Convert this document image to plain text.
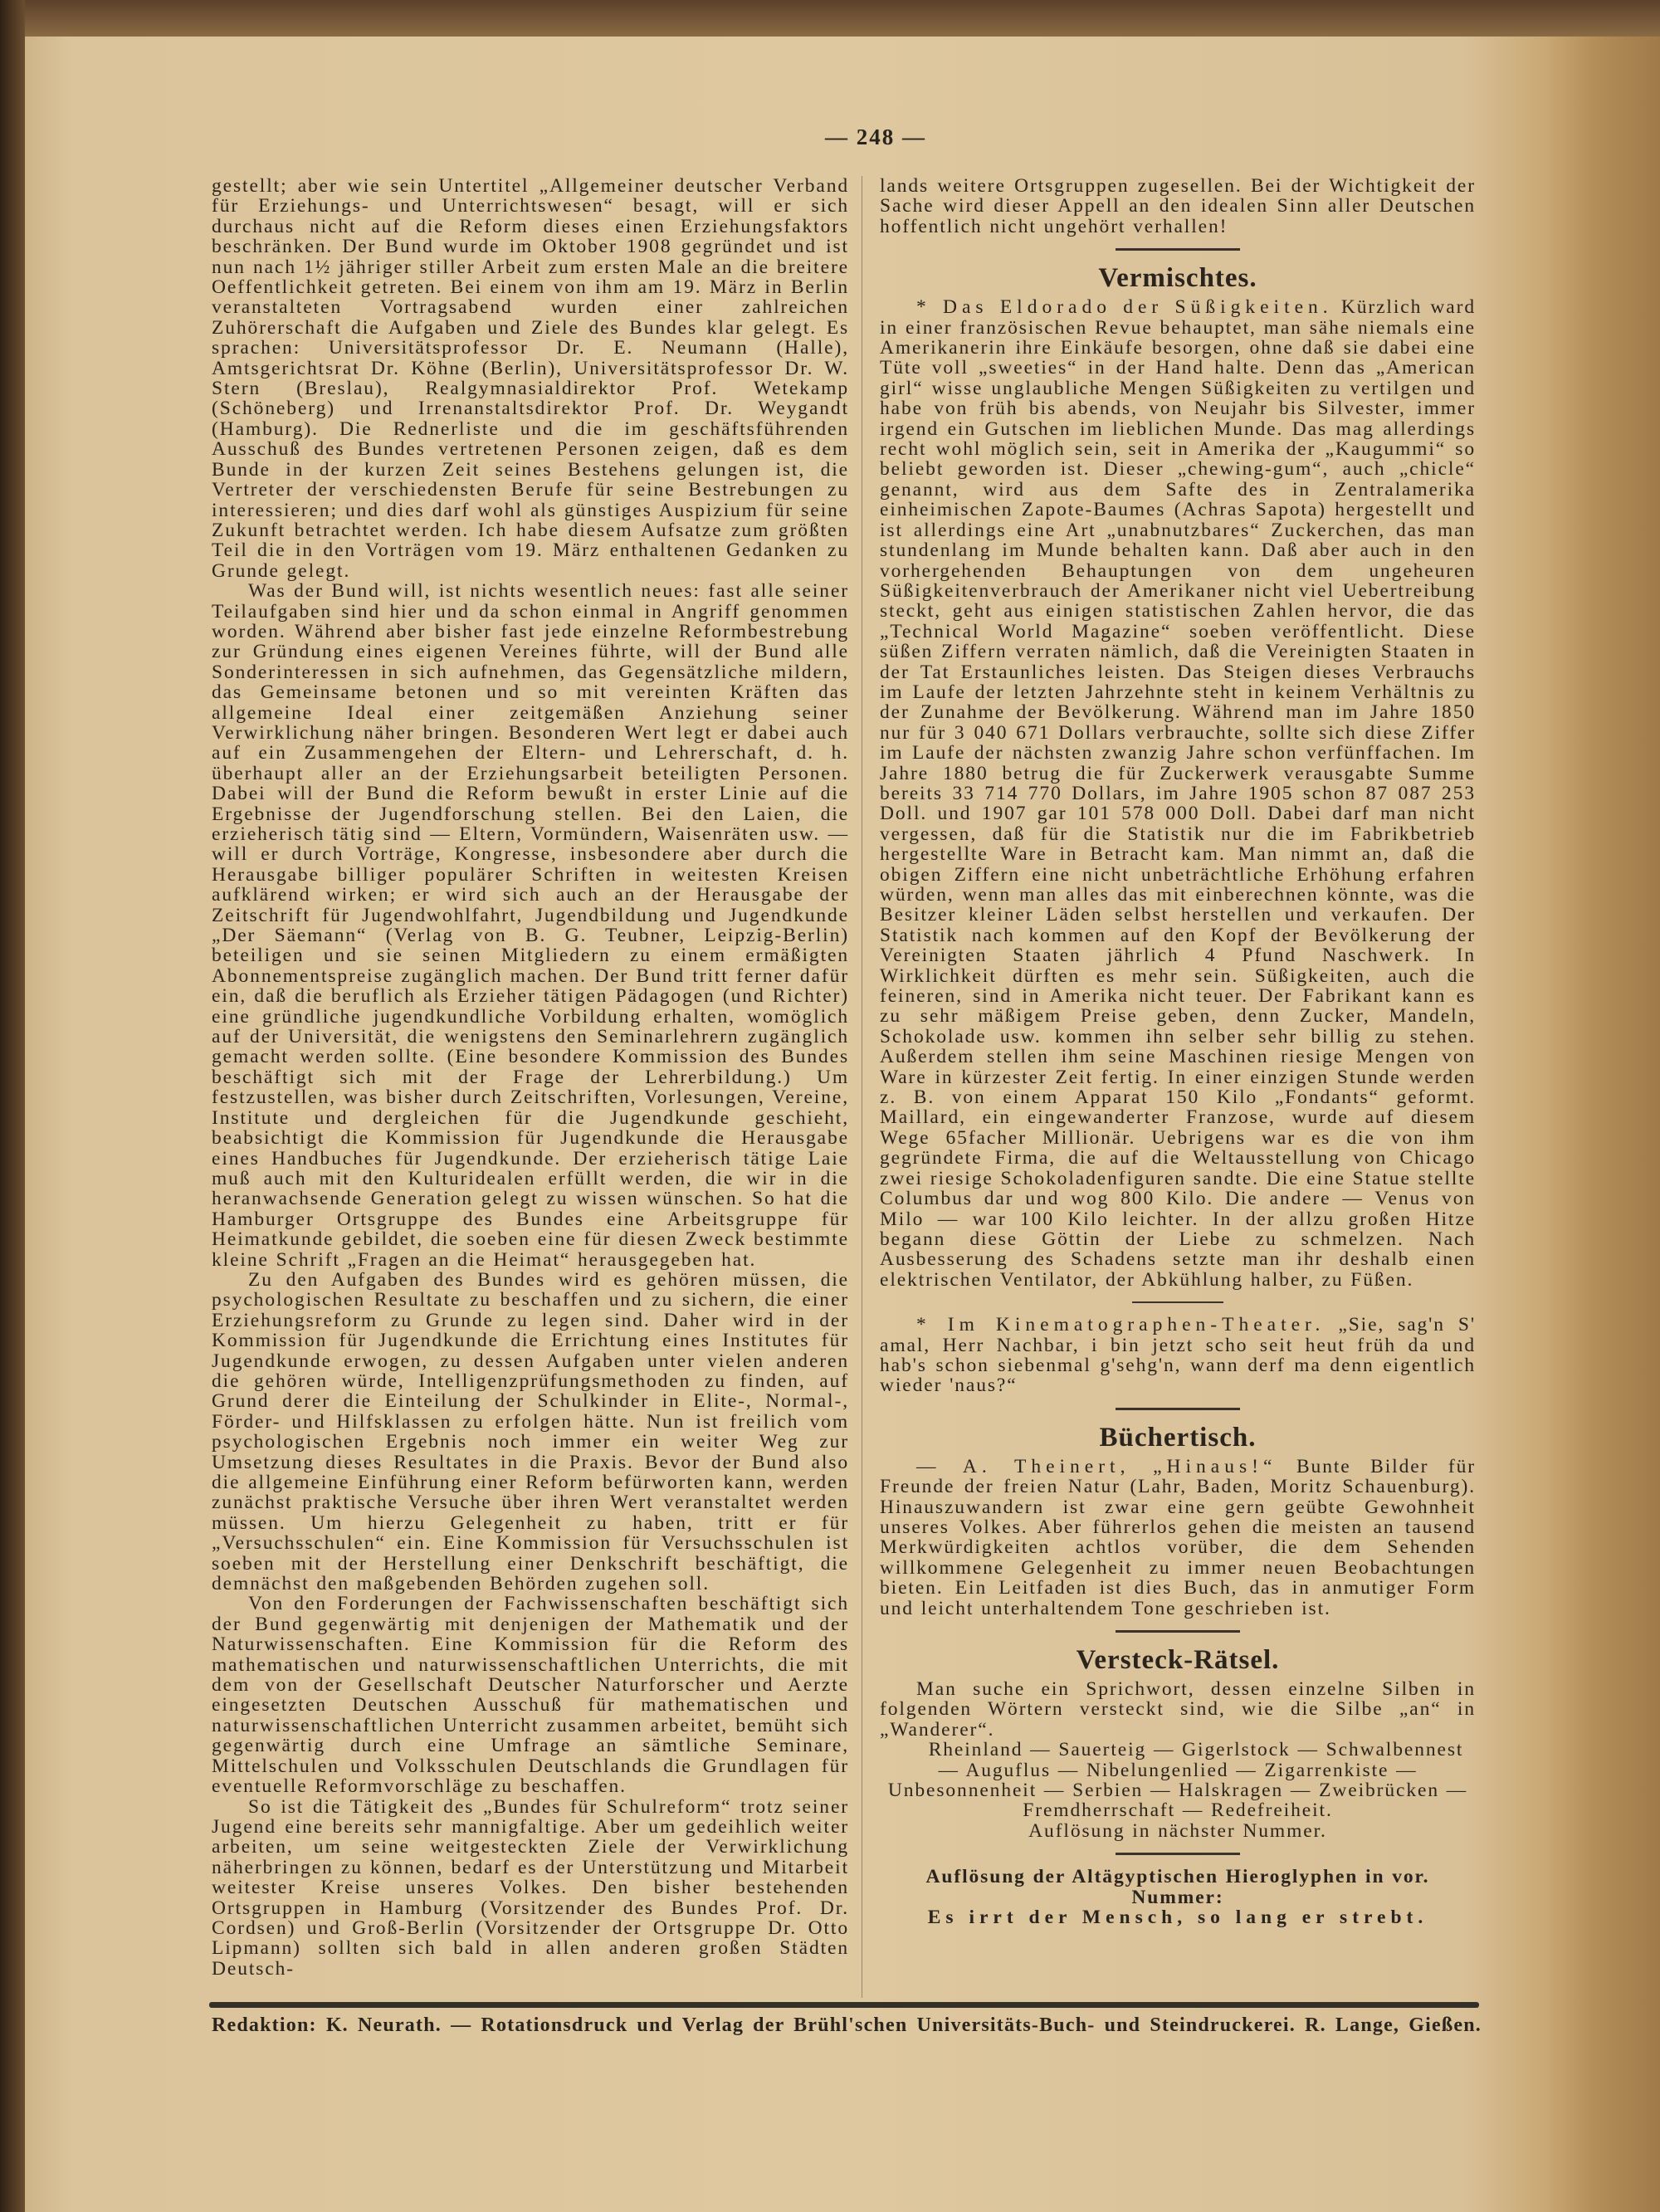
— 248 —

gestellt; aber wie sein Untertitel „Allgemeiner deutscher Verband für Erziehungs- und Unterrichtswesen“ besagt, will er sich durchaus nicht auf die Reform dieses einen Erziehungsfaktors beschränken. Der Bund wurde im Oktober 1908 gegründet und ist nun nach 1½ jähriger stiller Arbeit zum ersten Male an die breitere Oeffentlichkeit getreten. Bei einem von ihm am 19. März in Berlin veranstalteten Vortragsabend wurden einer zahlreichen Zuhörerschaft die Aufgaben und Ziele des Bundes klar gelegt. Es sprachen: Universitätsprofessor Dr. E. Neumann (Halle), Amtsgerichtsrat Dr. Köhne (Berlin), Universitätsprofessor Dr. W. Stern (Breslau), Realgymnasialdirektor Prof. Wetekamp (Schöneberg) und Irrenanstaltsdirektor Prof. Dr. Weygandt (Hamburg). Die Rednerliste und die im geschäftsführenden Ausschuß des Bundes vertretenen Personen zeigen, daß es dem Bunde in der kurzen Zeit seines Bestehens gelungen ist, die Vertreter der verschiedensten Berufe für seine Bestrebungen zu interessieren; und dies darf wohl als günstiges Auspizium für seine Zukunft betrachtet werden. Ich habe diesem Aufsatze zum größten Teil die in den Vorträgen vom 19. März enthaltenen Gedanken zu Grunde gelegt.

Was der Bund will, ist nichts wesentlich neues: fast alle seiner Teilaufgaben sind hier und da schon einmal in Angriff genommen worden. Während aber bisher fast jede einzelne Reformbestrebung zur Gründung eines eigenen Vereines führte, will der Bund alle Sonderinteressen in sich aufnehmen, das Gegensätzliche mildern, das Gemeinsame betonen und so mit vereinten Kräften das allgemeine Ideal einer zeitgemäßen Anziehung seiner Verwirklichung näher bringen. Besonderen Wert legt er dabei auch auf ein Zusammengehen der Eltern- und Lehrerschaft, d. h. überhaupt aller an der Erziehungsarbeit beteiligten Personen. Dabei will der Bund die Reform bewußt in erster Linie auf die Ergebnisse der Jugendforschung stellen. Bei den Laien, die erzieherisch tätig sind — Eltern, Vormündern, Waisenräten usw. — will er durch Vorträge, Kongresse, insbesondere aber durch die Herausgabe billiger populärer Schriften in weitesten Kreisen aufklärend wirken; er wird sich auch an der Herausgabe der Zeitschrift für Jugendwohlfahrt, Jugendbildung und Jugendkunde „Der Säemann“ (Verlag von B. G. Teubner, Leipzig-Berlin) beteiligen und sie seinen Mitgliedern zu einem ermäßigten Abonnementspreise zugänglich machen. Der Bund tritt ferner dafür ein, daß die beruflich als Erzieher tätigen Pädagogen (und Richter) eine gründliche jugendkundliche Vorbildung erhalten, womöglich auf der Universität, die wenigstens den Seminarlehrern zugänglich gemacht werden sollte. (Eine besondere Kommission des Bundes beschäftigt sich mit der Frage der Lehrerbildung.) Um festzustellen, was bisher durch Zeitschriften, Vorlesungen, Vereine, Institute und dergleichen für die Jugendkunde geschieht, beabsichtigt die Kommission für Jugendkunde die Herausgabe eines Handbuches für Jugendkunde. Der erzieherisch tätige Laie muß auch mit den Kulturidealen erfüllt werden, die wir in die heranwachsende Generation gelegt zu wissen wünschen. So hat die Hamburger Ortsgruppe des Bundes eine Arbeitsgruppe für Heimatkunde gebildet, die soeben eine für diesen Zweck bestimmte kleine Schrift „Fragen an die Heimat“ herausgegeben hat.

Zu den Aufgaben des Bundes wird es gehören müssen, die psychologischen Resultate zu beschaffen und zu sichern, die einer Erziehungsreform zu Grunde zu legen sind. Daher wird in der Kommission für Jugendkunde die Errichtung eines Institutes für Jugendkunde erwogen, zu dessen Aufgaben unter vielen anderen die gehören würde, Intelligenzprüfungsmethoden zu finden, auf Grund derer die Einteilung der Schulkinder in Elite-, Normal-, Förder- und Hilfsklassen zu erfolgen hätte. Nun ist freilich vom psychologischen Ergebnis noch immer ein weiter Weg zur Umsetzung dieses Resultates in die Praxis. Bevor der Bund also die allgemeine Einführung einer Reform befürworten kann, werden zunächst praktische Versuche über ihren Wert veranstaltet werden müssen. Um hierzu Gelegenheit zu haben, tritt er für „Versuchsschulen“ ein. Eine Kommission für Versuchsschulen ist soeben mit der Herstellung einer Denkschrift beschäftigt, die demnächst den maßgebenden Behörden zugehen soll.

Von den Forderungen der Fachwissenschaften beschäftigt sich der Bund gegenwärtig mit denjenigen der Mathematik und der Naturwissenschaften. Eine Kommission für die Reform des mathematischen und naturwissenschaftlichen Unterrichts, die mit dem von der Gesellschaft Deutscher Naturforscher und Aerzte eingesetzten Deutschen Ausschuß für mathematischen und naturwissenschaftlichen Unterricht zusammen arbeitet, bemüht sich gegenwärtig durch eine Umfrage an sämtliche Seminare, Mittelschulen und Volksschulen Deutschlands die Grundlagen für eventuelle Reformvorschläge zu beschaffen.

So ist die Tätigkeit des „Bundes für Schulreform“ trotz seiner Jugend eine bereits sehr mannigfaltige. Aber um gedeihlich weiter arbeiten, um seine weitgesteckten Ziele der Verwirklichung näherbringen zu können, bedarf es der Unterstützung und Mitarbeit weitester Kreise unseres Volkes. Den bisher bestehenden Ortsgruppen in Hamburg (Vorsitzender des Bundes Prof. Dr. Cordsen) und Groß-Berlin (Vorsitzender der Ortsgruppe Dr. Otto Lipmann) sollten sich bald in allen anderen großen Städten Deutsch-

lands weitere Ortsgruppen zugesellen. Bei der Wichtigkeit der Sache wird dieser Appell an den idealen Sinn aller Deutschen hoffentlich nicht ungehört verhallen!

Vermischtes.

* Das Eldorado der Süßigkeiten. Kürzlich ward in einer französischen Revue behauptet, man sähe niemals eine Amerikanerin ihre Einkäufe besorgen, ohne daß sie dabei eine Tüte voll „sweeties“ in der Hand halte. Denn das „American girl“ wisse unglaubliche Mengen Süßigkeiten zu vertilgen und habe von früh bis abends, von Neujahr bis Silvester, immer irgend ein Gutschen im lieblichen Munde. Das mag allerdings recht wohl möglich sein, seit in Amerika der „Kaugummi“ so beliebt geworden ist. Dieser „chewing-gum“, auch „chicle“ genannt, wird aus dem Safte des in Zentralamerika einheimischen Zapote-Baumes (Achras Sapota) hergestellt und ist allerdings eine Art „unabnutzbares“ Zuckerchen, das man stundenlang im Munde behalten kann. Daß aber auch in den vorhergehenden Behauptungen von dem ungeheuren Süßigkeitenverbrauch der Amerikaner nicht viel Uebertreibung steckt, geht aus einigen statistischen Zahlen hervor, die das „Technical World Magazine“ soeben veröffentlicht. Diese süßen Ziffern verraten nämlich, daß die Vereinigten Staaten in der Tat Erstaunliches leisten. Das Steigen dieses Verbrauchs im Laufe der letzten Jahrzehnte steht in keinem Verhältnis zu der Zunahme der Bevölkerung. Während man im Jahre 1850 nur für 3 040 671 Dollars verbrauchte, sollte sich diese Ziffer im Laufe der nächsten zwanzig Jahre schon verfünffachen. Im Jahre 1880 betrug die für Zuckerwerk verausgabte Summe bereits 33 714 770 Dollars, im Jahre 1905 schon 87 087 253 Doll. und 1907 gar 101 578 000 Doll. Dabei darf man nicht vergessen, daß für die Statistik nur die im Fabrikbetrieb hergestellte Ware in Betracht kam. Man nimmt an, daß die obigen Ziffern eine nicht unbeträchtliche Erhöhung erfahren würden, wenn man alles das mit einberechnen könnte, was die Besitzer kleiner Läden selbst herstellen und verkaufen. Der Statistik nach kommen auf den Kopf der Bevölkerung der Vereinigten Staaten jährlich 4 Pfund Naschwerk. In Wirklichkeit dürften es mehr sein. Süßigkeiten, auch die feineren, sind in Amerika nicht teuer. Der Fabrikant kann es zu sehr mäßigem Preise geben, denn Zucker, Mandeln, Schokolade usw. kommen ihn selber sehr billig zu stehen. Außerdem stellen ihm seine Maschinen riesige Mengen von Ware in kürzester Zeit fertig. In einer einzigen Stunde werden z. B. von einem Apparat 150 Kilo „Fondants“ geformt. Maillard, ein eingewanderter Franzose, wurde auf diesem Wege 65facher Millionär. Uebrigens war es die von ihm gegründete Firma, die auf die Weltausstellung von Chicago zwei riesige Schokoladenfiguren sandte. Die eine Statue stellte Columbus dar und wog 800 Kilo. Die andere — Venus von Milo — war 100 Kilo leichter. In der allzu großen Hitze begann diese Göttin der Liebe zu schmelzen. Nach Ausbesserung des Schadens setzte man ihr deshalb einen elektrischen Ventilator, der Abkühlung halber, zu Füßen.

* Im Kinematographen-Theater. „Sie, sag'n S' amal, Herr Nachbar, i bin jetzt scho seit heut früh da und hab's schon siebenmal g'sehg'n, wann derf ma denn eigentlich wieder 'naus?“

Büchertisch.

— A. Theinert, „Hinaus!“ Bunte Bilder für Freunde der freien Natur (Lahr, Baden, Moritz Schauenburg). Hinauszuwandern ist zwar eine gern geübte Gewohnheit unseres Volkes. Aber führerlos gehen die meisten an tausend Merkwürdigkeiten achtlos vorüber, die dem Sehenden willkommene Gelegenheit zu immer neuen Beobachtungen bieten. Ein Leitfaden ist dies Buch, das in anmutiger Form und leicht unterhaltendem Tone geschrieben ist.

Versteck-Rätsel.

Man suche ein Sprichwort, dessen einzelne Silben in folgenden Wörtern versteckt sind, wie die Silbe „an“ in „Wanderer“.

Rheinland — Sauerteig — Gigerlstock — Schwalbennest — Auguflus — Nibelungenlied — Zigarrenkiste — Unbesonnenheit — Serbien — Halskragen — Zweibrücken — Fremdherrschaft — Redefreiheit.

Auflösung in nächster Nummer.

Auflösung der Altägyptischen Hieroglyphen in vor. Nummer:

Es irrt der Mensch, so lang er strebt.

Redaktion: K. Neurath. — Rotationsdruck und Verlag der Brühl'schen Universitäts-Buch- und Steindruckerei. R. Lange, Gießen.
